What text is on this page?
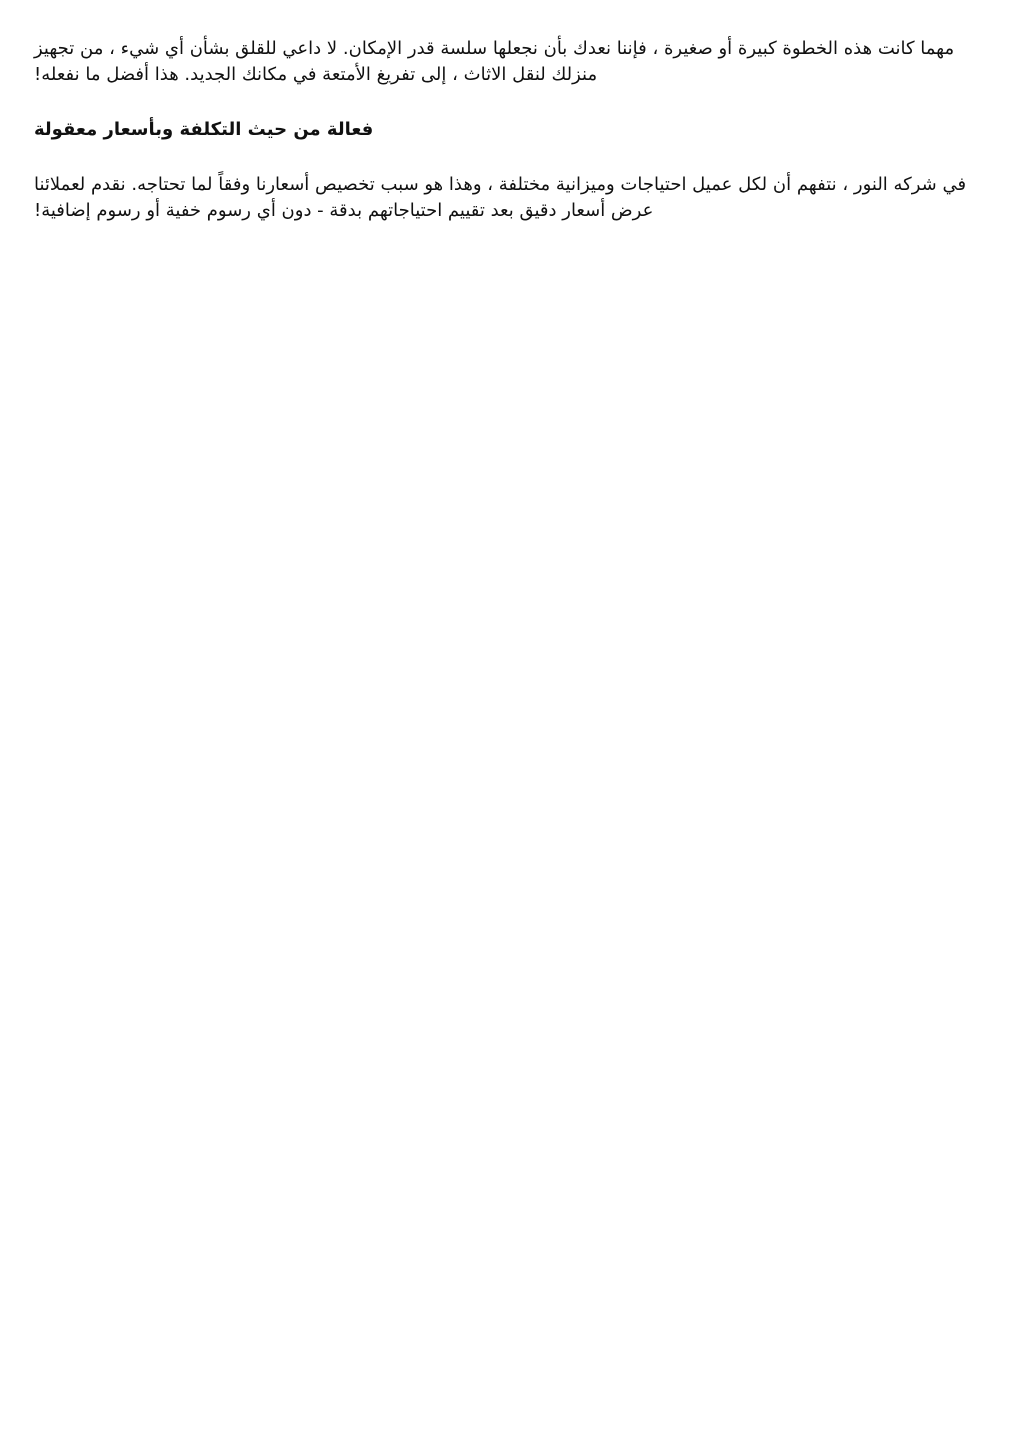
مهما كانت هذه الخطوة كبيرة أو صغيرة ، فإننا نعدك بأن نجعلها سلسة قدر الإمكان. لا داعي للقلق بشأن أي شيء ، من تجهيز منزلك لنقل الاثاث ، إلى تفريغ الأمتعة في مكانك الجديد. هذا أفضل ما نفعله!

فعالة من حيث التكلفة وبأسعار معقولة

في شركه النور ، نتفهم أن لكل عميل احتياجات وميزانية مختلفة ، وهذا هو سبب تخصيص أسعارنا وفقاً لما تحتاجه. نقدم لعملائنا عرض أسعار دقيق بعد تقييم احتياجاتهم بدقة - دون أي رسوم خفية أو رسوم إضافية!
